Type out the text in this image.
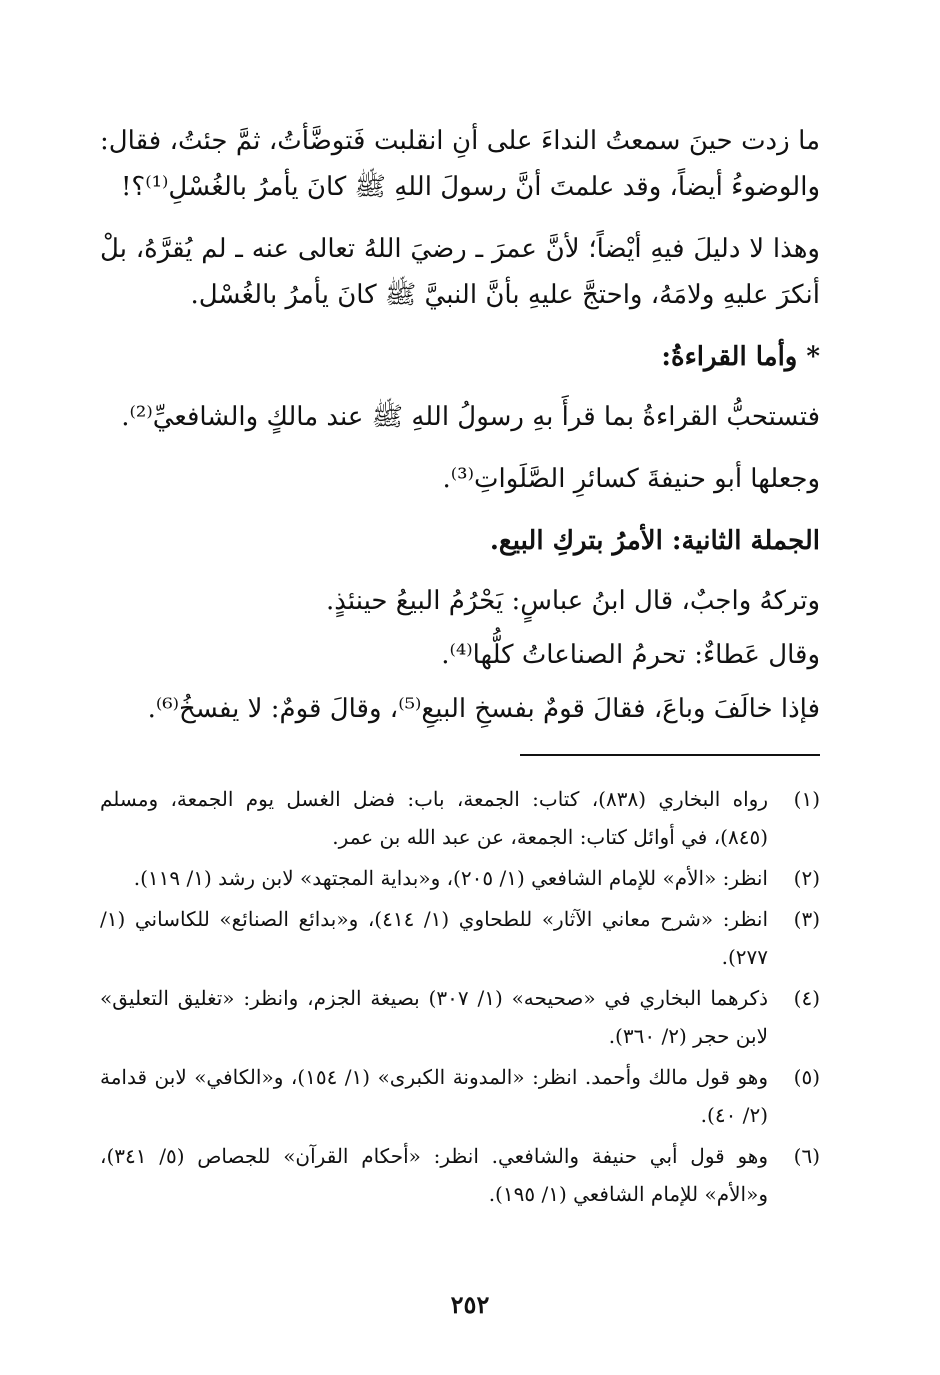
ما زدت حينَ سمعتُ النداءَ على أنِ انقلبت فَتوضَّأتُ، ثمَّ جئتُ، فقال: والوضوءُ أيضاً، وقد علمتَ أنَّ رسولَ اللهِ ﷺ كانَ يأمرُ بالغُسْلِ⁽¹⁾؟!

وهذا لا دليلَ فيهِ أيْضاً؛ لأنَّ عمرَ ـ رضيَ اللهُ تعالى عنه ـ لم يُقرَّهُ، بلْ أنكرَ عليهِ ولامَهُ، واحتجَّ عليهِ بأنَّ النبيَّ ﷺ كانَ يأمرُ بالغُسْل.

* وأما القراءةُ:

فتستحبُّ القراءةُ بما قرأَ بهِ رسولُ اللهِ ﷺ عند مالكٍ والشافعيِّ⁽²⁾.

وجعلها أبو حنيفةَ كسائرِ الصَّلَواتِ⁽³⁾.

الجملة الثانية: الأمرُ بتركِ البيع.

وتركهُ واجبٌ، قال ابنُ عباسٍ: يَحْرُمُ البيعُ حينئذٍ.

وقال عَطاءٌ: تحرمُ الصناعاتُ كلُّها⁽⁴⁾.

فإذا خالَفَ وباعَ، فقالَ قومٌ بفسخِ البيعِ⁽⁵⁾، وقالَ قومٌ: لا يفسخُ⁽⁶⁾.

(١)
رواه البخاري (٨٣٨)، كتاب: الجمعة، باب: فضل الغسل يوم الجمعة، ومسلم (٨٤٥)، في أوائل كتاب: الجمعة، عن عبد الله بن عمر.
(٢)
انظر: «الأم» للإمام الشافعي (١/ ٢٠٥)، و«بداية المجتهد» لابن رشد (١/ ١١٩).
(٣)
انظر: «شرح معاني الآثار» للطحاوي (١/ ٤١٤)، و«بدائع الصنائع» للكاساني (١/ ٢٧٧).
(٤)
ذكرهما البخاري في «صحيحه» (١/ ٣٠٧) بصيغة الجزم، وانظر: «تغليق التعليق» لابن حجر (٢/ ٣٦٠).
(٥)
وهو قول مالك وأحمد. انظر: «المدونة الكبرى» (١/ ١٥٤)، و«الكافي» لابن قدامة (٢/ ٤٠).
(٦)
وهو قول أبي حنيفة والشافعي. انظر: «أحكام القرآن» للجصاص (٥/ ٣٤١)، و«الأم» للإمام الشافعي (١/ ١٩٥).
٢٥٢
